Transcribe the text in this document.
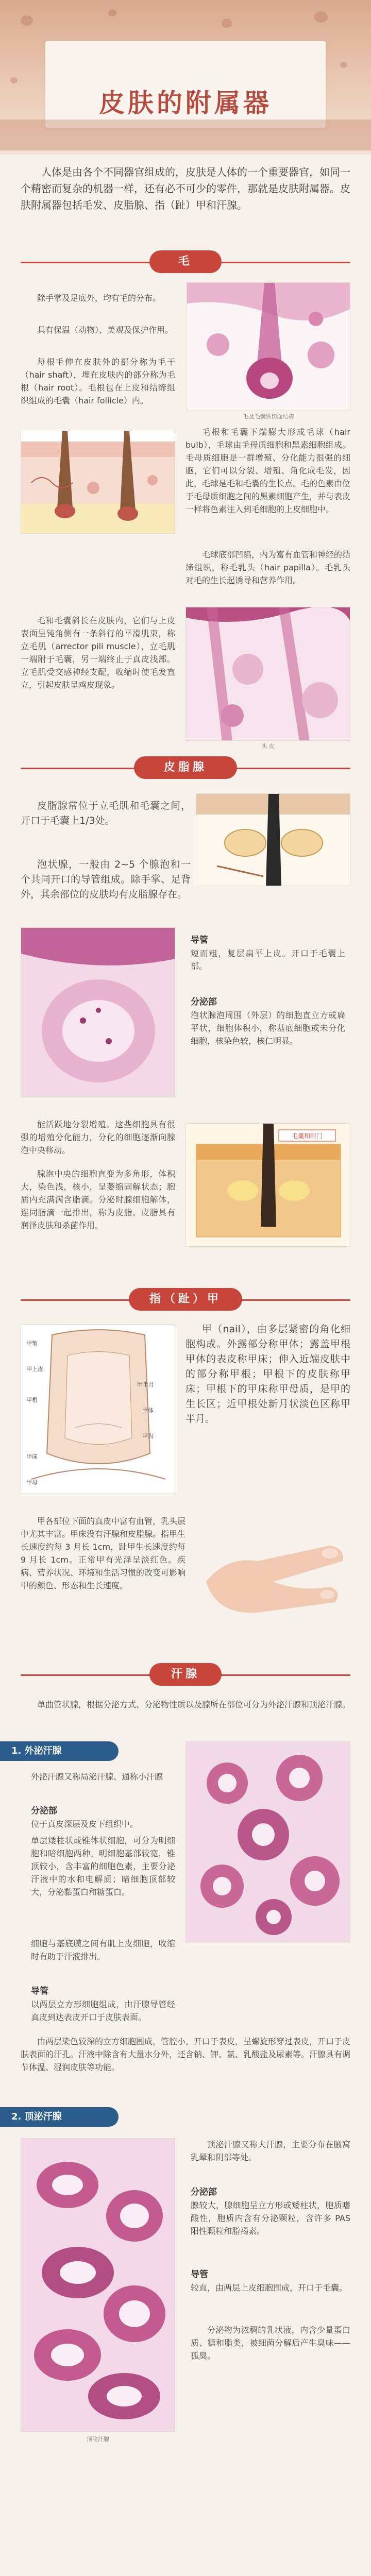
皮肤的附属器
人体是由各个不同器官组成的，皮肤是人体的一个重要器官，如同一个精密而复杂的机器一样，还有必不可少的零件，那就是皮肤附属器。皮肤附属器包括毛发、皮脂腺、指（趾）甲和汗腺。
毛
除手掌及足底外，均有毛的分布。
具有保温（动物）、美观及保护作用。
每根毛伸在皮肤外的部分称为毛干（hair shaft），埋在皮肤内的部分称为毛根（hair root）。毛根包在上皮和结缔组织组成的毛囊（hair follicle）内。
毛及毛囊纵切面结构
毛根和毛囊下端膨大形成毛球（hair bulb），毛球由毛母质细胞和黑素细胞组成。毛母质细胞是一群增殖、分化能力很强的细胞，它们可以分裂、增殖、角化成毛发，因此，毛球是毛和毛囊的生长点。毛的色素由位于毛母质细胞之间的黑素细胞产生，并与表皮一样将色素注入到毛细胞的上皮细胞中。
毛球底部凹陷，内为富有血管和神经的结缔组织，称毛乳头（hair papilla）。毛乳头对毛的生长起诱导和营养作用。
毛和毛囊斜长在皮肤内，它们与上皮表面呈钝角侧有一条斜行的平滑肌束，称立毛肌（arrector pili muscle），立毛肌一端附于毛囊，另一端终止于真皮浅部。立毛肌受交感神经支配，收缩时使毛发直立，引起皮肤呈鸡皮现象。
头 皮
皮脂腺
皮脂腺常位于立毛肌和毛囊之间，开口于毛囊上1/3处。
泡状腺，一般由 2~5 个腺泡和一个共同开口的导管组成。除手掌、足背外，其余部位的皮肤均有皮脂腺存在。
导管
短而粗，复层扁平上皮。开口于毛囊上部。
分泌部
泡状腺泡周围（外层）的细胞直立方或扁平状，细胞体积小，称基底细胞或未分化细胞，核染色较，核仁明显。
能活跃地分裂增殖。这些细胞具有很强的增殖分化能力，分化的细胞逐渐向腺泡中央移动。
腺泡中央的细胞直变为多角形，体积大，染色浅，核小，呈萎缩固解状态；胞质内充满满含脂滴。分泌时腺细胞解体，连同脂滴一起排出，称为皮脂。皮脂具有润泽皮肤和杀菌作用。
毛囊和附门
指（趾）甲
甲皱
甲上皮
甲半月
甲根
甲体
甲沟
甲床
甲母
甲（nail），由多层紧密的角化细胞构成。外露部分称甲体；露盖甲根甲体的表皮称甲床；伸入近端皮肤中的部分称甲根；甲根下的皮肤称甲床；甲根下的甲床称甲母质，是甲的生长区；近甲根处新月状淡色区称甲半月。
甲各部位下面的真皮中富有血管，乳头层中尤其丰富。甲床没有汗腺和皮脂腺。指甲生长速度约每 3 月长 1cm，趾甲生长速度约每 9 月长 1cm。正常甲有光泽呈淡红色。疾病、营养状况、环境和生活习惯的改变可影响甲的颜色、形态和生长速度。
汗腺
单曲管状腺，根据分泌方式、分泌物性质以及腺所在部位可分为外泌汗腺和顶泌汗腺。
1. 外泌汗腺
外泌汗腺又称局泌汗腺、通称小汗腺
分泌部
位于真皮深层及皮下组织中。
单层矮柱状或锥体状细胞，可分为明细胞和暗细胞两种。明细胞基部较宽，锥顶较小，含丰富的细胞色素，主要分泌汗液中的水和电解质；暗细胞顶部较大，分泌黏蛋白和糖蛋白。
细胞与基底膜之间有肌上皮细胞，收缩时有助于汗液排出。
导管
以两层立方形细胞组成，由汗腺导管经真皮到达表皮开口于皮肤表面。
由两层染色较深的立方细胞围成，管腔小。开口于表皮，呈螺旋形穿过表皮，开口于皮肤表面的汗孔。汗液中除含有大量水分外，还含钠、钾、氯、乳酸盐及尿素等。汗腺具有调节体温、湿润皮肤等功能。
2. 顶泌汗腺
顶泌汗腺
顶泌汗腺又称大汗腺，主要分布在腋窝乳晕和阴部等处。
分泌部
腺较大，腺细胞呈立方形或矮柱状，胞质嗜酸性，胞质内含有分泌颗粒，含许多 PAS 阳性颗粒和脂褐素。
导管
较直，由两层上皮细胞围成，开口于毛囊。
分泌物为浓稠的乳状液，内含少量蛋白质、糖和脂类，被细菌分解后产生臭味——狐臭。
